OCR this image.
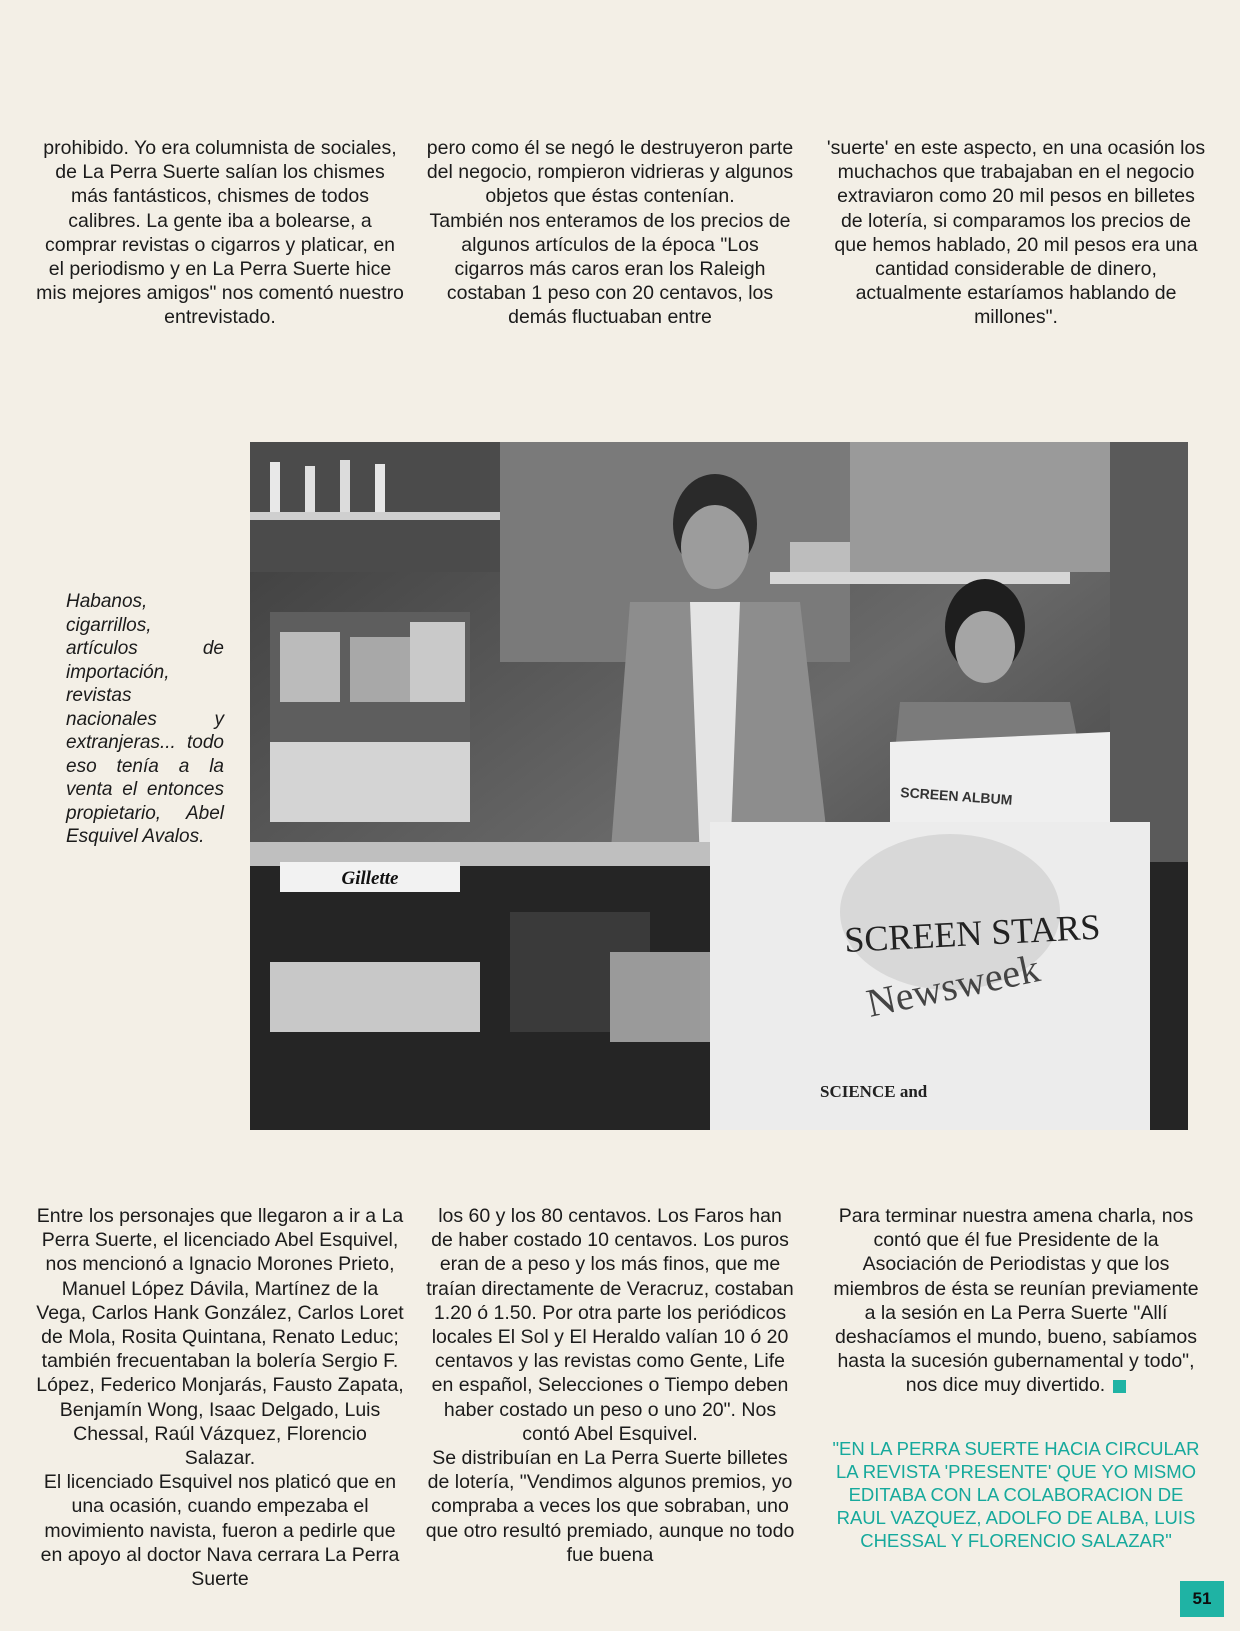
prohibido. Yo era columnista de sociales, de La Perra Suerte salían los chismes más fantásticos, chismes de todos calibres. La gente iba a bolearse, a comprar revistas o cigarros y platicar, en el periodismo y en La Perra Suerte hice mis mejores amigos" nos comentó nuestro entrevistado.

pero como él se negó le destruyeron parte del negocio, rompieron vidrieras y algunos objetos que éstas contenían.

También nos enteramos de los precios de algunos artículos de la época "Los cigarros más caros eran los Raleigh costaban 1 peso con 20 centavos, los demás fluctuaban entre

'suerte' en este aspecto, en una ocasión los muchachos que trabajaban en el negocio extraviaron como 20 mil pesos en billetes de lotería, si comparamos los precios de que hemos hablado, 20 mil pesos era una cantidad considerable de dinero, actualmente estaríamos hablando de millones".

Habanos, cigarrillos, artículos de importación, revistas nacionales y extranjeras... todo eso tenía a la venta el entonces propietario, Abel Esquivel Avalos.
Gillette
SCREEN ALBUM
SCREEN STARS
Newsweek
SCIENCE and

Entre los personajes que llegaron a ir a La Perra Suerte, el licenciado Abel Esquivel, nos mencionó a Ignacio Morones Prieto, Manuel López Dávila, Martínez de la Vega, Carlos Hank González, Carlos Loret de Mola, Rosita Quintana, Renato Leduc; también frecuentaban la bolería Sergio F. López, Federico Monjarás, Fausto Zapata, Benjamín Wong, Isaac Delgado, Luis Chessal, Raúl Vázquez, Florencio Salazar.

El licenciado Esquivel nos platicó que en una ocasión, cuando empezaba el movimiento navista, fueron a pedirle que en apoyo al doctor Nava cerrara La Perra Suerte

los 60 y los 80 centavos. Los Faros han de haber costado 10 centavos. Los puros eran de a peso y los más finos, que me traían directamente de Veracruz, costaban 1.20 ó 1.50. Por otra parte los periódicos locales El Sol y El Heraldo valían 10 ó 20 centavos y las revistas como Gente, Life en español, Selecciones o Tiempo deben haber costado un peso o uno 20". Nos contó Abel Esquivel.

Se distribuían en La Perra Suerte billetes de lotería, "Vendimos algunos premios, yo compraba a veces los que sobraban, uno que otro resultó premiado, aunque no todo fue buena

Para terminar nuestra amena charla, nos contó que él fue Presidente de la Asociación de Periodistas y que los miembros de ésta se reunían previamente a la sesión en La Perra Suerte "Allí deshacíamos el mundo, bueno, sabíamos hasta la sucesión gubernamental y todo", nos dice muy divertido.

"EN LA PERRA SUERTE HACIA CIRCULAR LA REVISTA 'PRESENTE' QUE YO MISMO EDITABA CON LA COLABORACION DE RAUL VAZQUEZ, ADOLFO DE ALBA, LUIS CHESSAL Y FLORENCIO SALAZAR"

51
